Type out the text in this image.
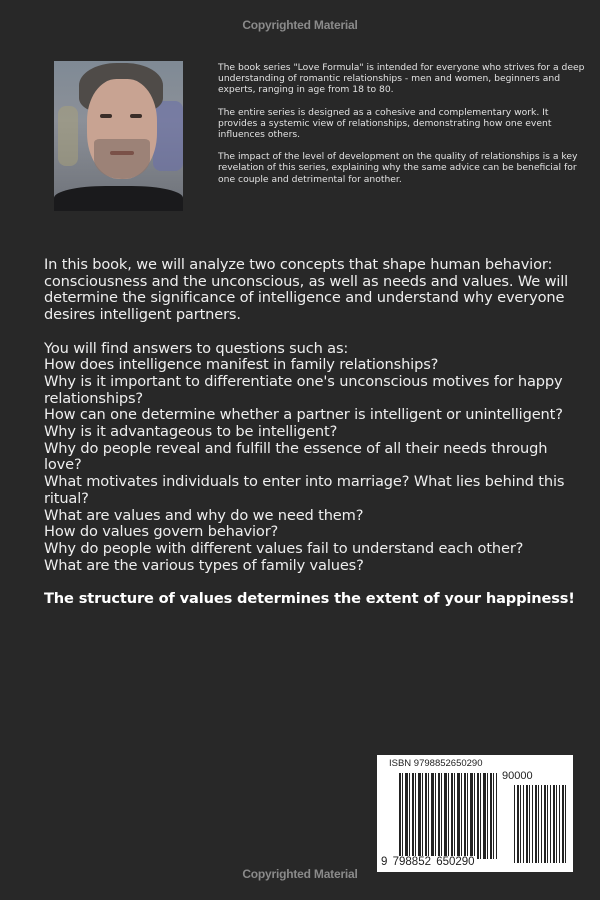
Copyrighted Material

The book series "Love Formula" is intended for everyone who strives for a deep understanding of romantic relationships - men and women, beginners and experts, ranging in age from 18 to 80.

The entire series is designed as a cohesive and complementary work. It provides a systemic view of relationships, demonstrating how one event influences others.

The impact of the level of development on the quality of relationships is a key revelation of this series, explaining why the same advice can be beneficial for one couple and detrimental for another.

In this book, we will analyze two concepts that shape human behavior: consciousness and the unconscious, as well as needs and values. We will determine the significance of intelligence and understand why everyone desires intelligent partners.

You will find answers to questions such as:

How does intelligence manifest in family relationships?

Why is it important to differentiate one's unconscious motives for happy relationships?

How can one determine whether a partner is intelligent or unintelligent?

Why is it advantageous to be intelligent?

Why do people reveal and fulfill the essence of all their needs through love?

What motivates individuals to enter into marriage? What lies behind this ritual?

What are values and why do we need them?

How do values govern behavior?

Why do people with different values fail to understand each other?

What are the various types of family values?

The structure of values determines the extent of your happiness!

ISBN 9798852650290
90000
9 798852 650290
Copyrighted Material
